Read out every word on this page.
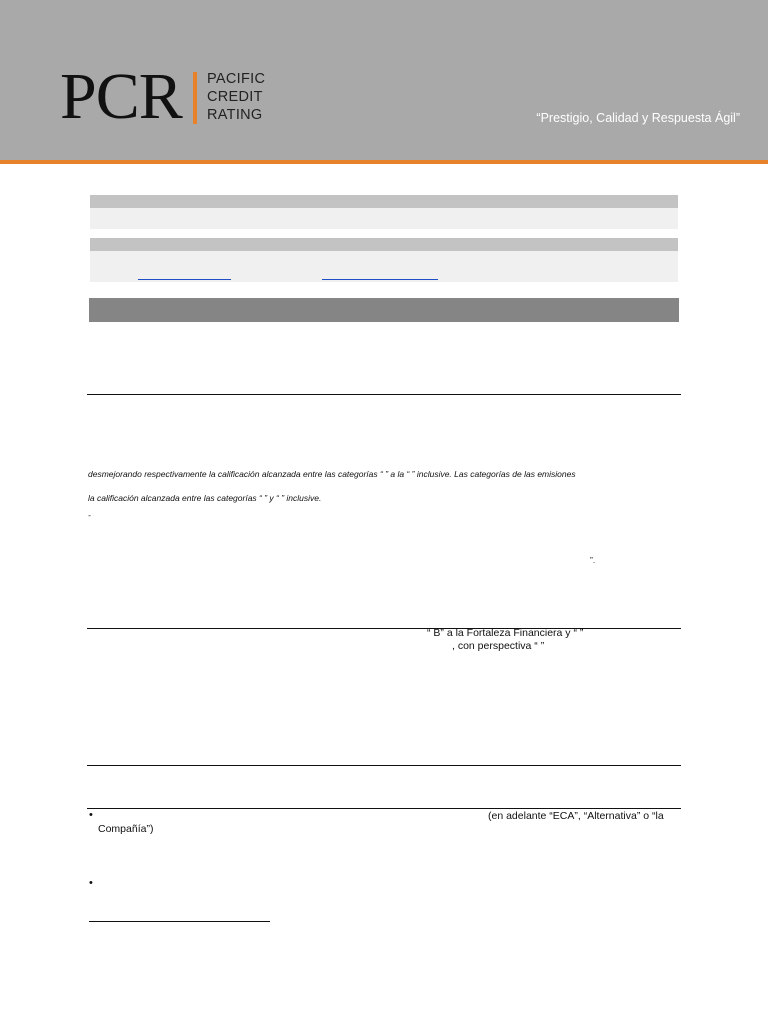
PCR PACIFIC
CREDIT
RATING	“Prestigio, Calidad y Respuesta Ágil”
desmejorando respectivamente la calificación alcanzada entre las categorías “ ” a la “ ” inclusive. Las categorías de las emisiones
la calificación alcanzada entre las categorías “ ” y “ ” inclusive.
-
”.
“ B” a la Fortaleza Financiera y “ ”
, con perspectiva “ ”
•	(en adelante “ECA”, “Alternativa” o “la
Compañía”)
•
